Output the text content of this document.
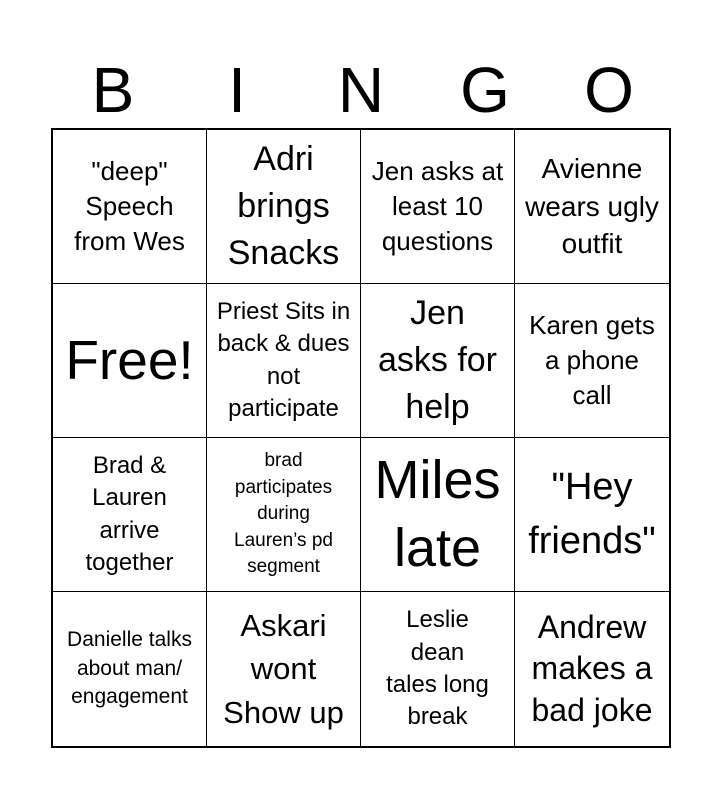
B	I	N	G	O
"deep" Speech from Wes
Adri brings Snacks
Jen asks at least 10 questions
Avienne wears ugly outfit
Free!
Priest Sits in back & dues not participate
Jen asks for help
Karen gets a phone call
Brad & Lauren arrive together
brad participates during Lauren’s pd segment
Miles late
"Hey friends"
Danielle talks about man/ engagement
Askari wont Show up
Leslie dean tales long break
Andrew makes a bad joke
